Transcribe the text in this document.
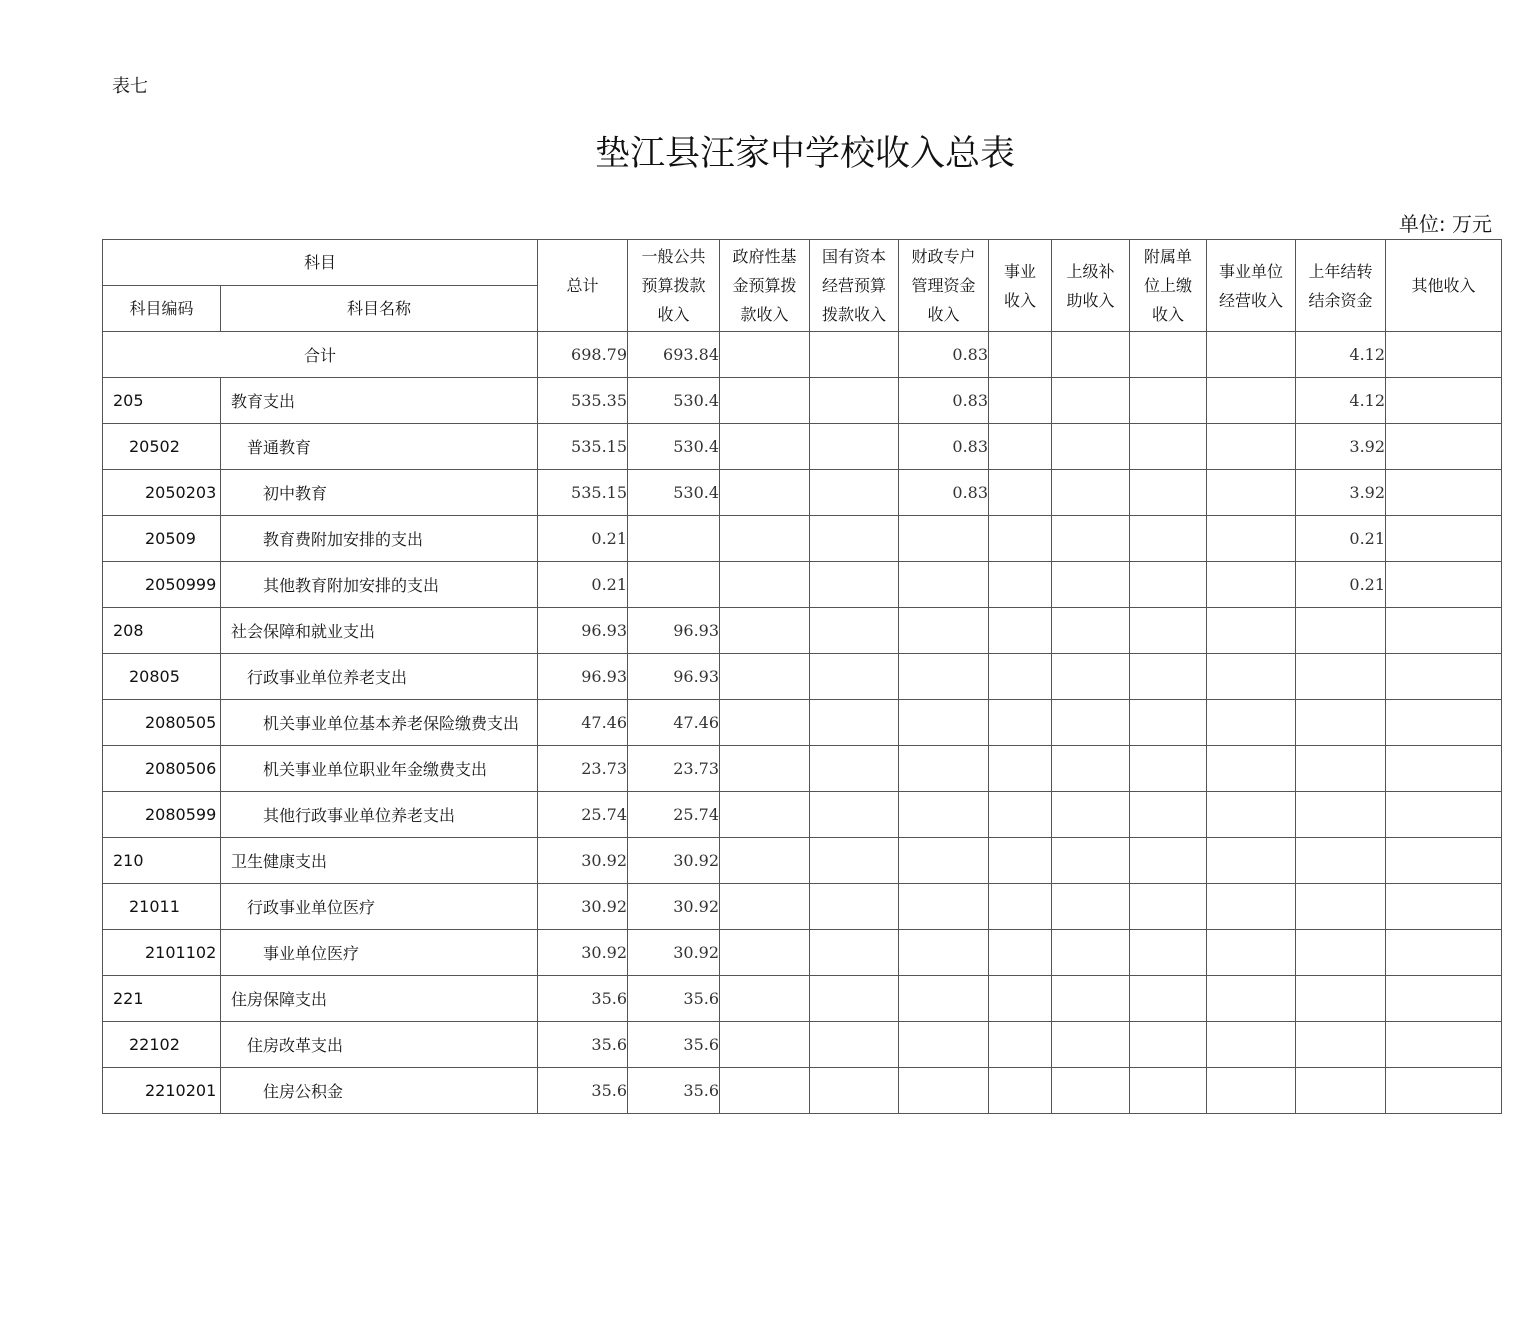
表七
垫江县汪家中学校收入总表
单位: 万元
科目		总计	一般公共
预算拨款
收入	政府性基
金预算拨
款收入	国有资本
经营预算
拨款收入	财政专户
管理资金
收入	事业
收入	上级补
助收入	附属单
位上缴
收入	事业单位
经营收入	上年结转
结余资金	其他收入
科目编码	科目名称											
合计		698.79	693.84			0.83					4.12	
205	教育支出	535.35	530.4			0.83					4.12	
20502	普通教育	535.15	530.4			0.83					3.92	
2050203	初中教育	535.15	530.4			0.83					3.92	
20509	教育费附加安排的支出	0.21									0.21	
2050999	其他教育附加安排的支出	0.21									0.21	
208	社会保障和就业支出	96.93	96.93									
20805	行政事业单位养老支出	96.93	96.93									
2080505	机关事业单位基本养老保险缴费支出	47.46	47.46									
2080506	机关事业单位职业年金缴费支出	23.73	23.73									
2080599	其他行政事业单位养老支出	25.74	25.74									
210	卫生健康支出	30.92	30.92									
21011	行政事业单位医疗	30.92	30.92									
2101102	事业单位医疗	30.92	30.92									
221	住房保障支出	35.6	35.6									
22102	住房改革支出	35.6	35.6									
2210201	住房公积金	35.6	35.6									
